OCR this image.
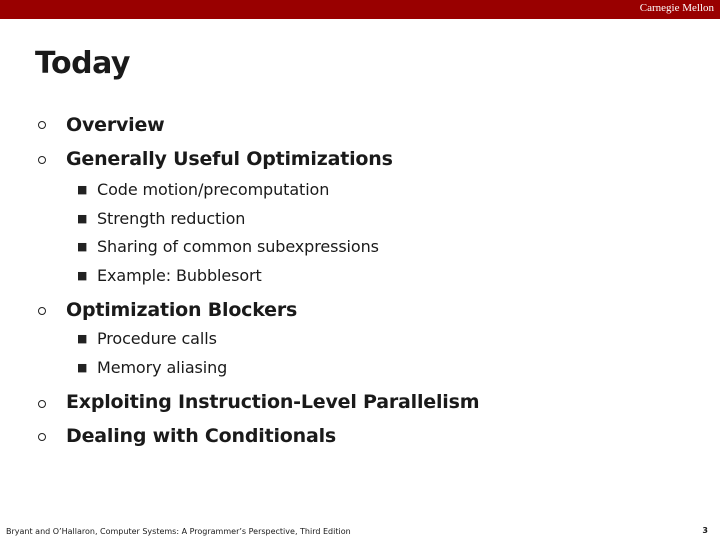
Carnegie Mellon
Today
Overview
Generally Useful Optimizations
■ Code motion/precomputation
■ Strength reduction
■ Sharing of common subexpressions
■ Example: Bubblesort
Optimization Blockers
■ Procedure calls
■ Memory aliasing
Exploiting Instruction-Level Parallelism
Dealing with Conditionals
Bryant and O’Hallaron, Computer Systems: A Programmer’s Perspective, Third Edition	3
